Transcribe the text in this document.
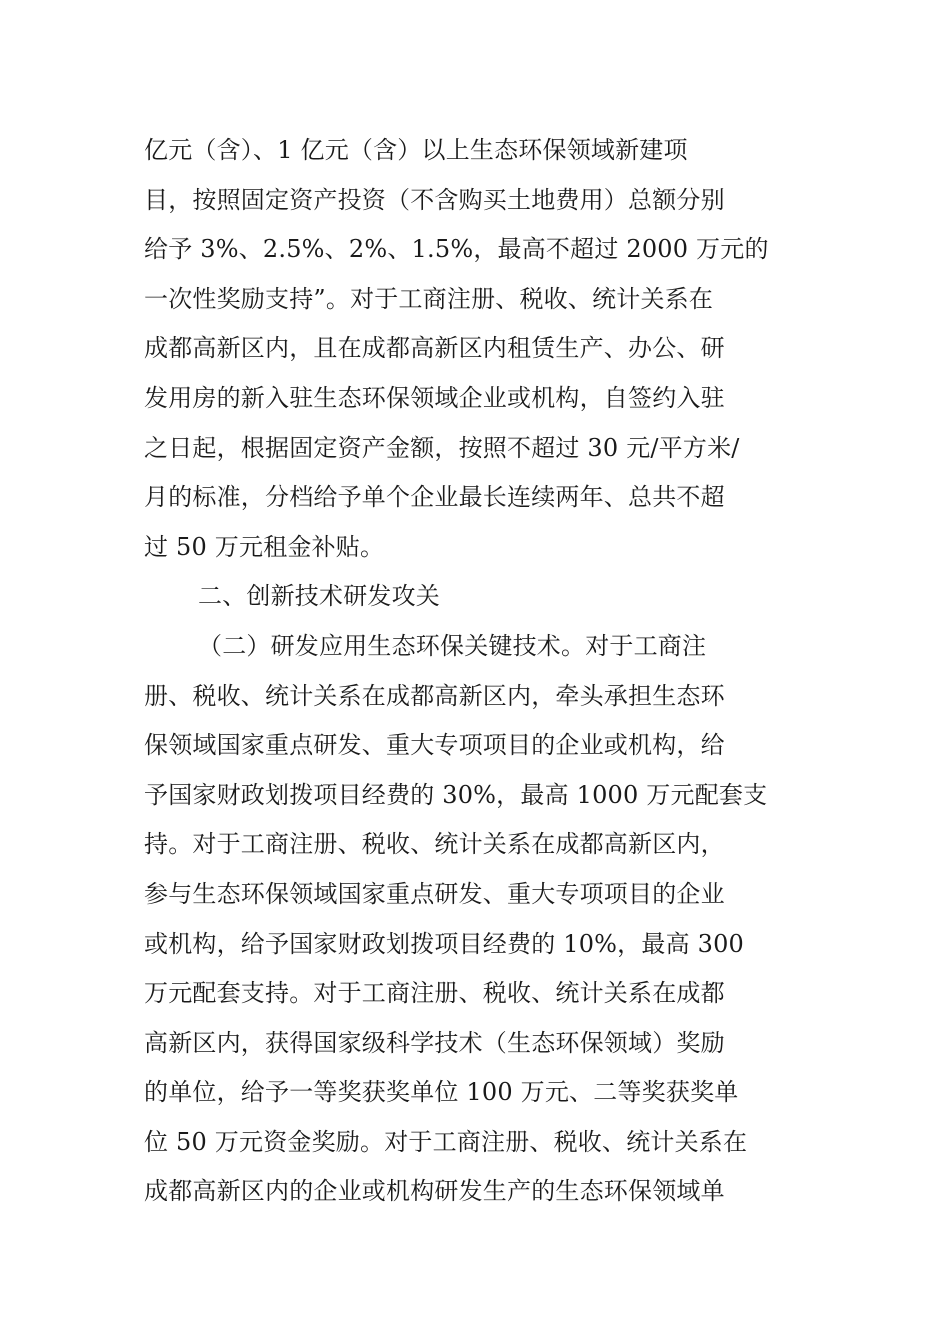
亿元（含）、1 亿元（含）以上生态环保领域新建项
目，按照固定资产投资（不含购买土地费用）总额分别
给予 3%、2.5%、2%、1.5%，最高不超过 2000 万元的
一次性奖励支持”。对于工商注册、税收、统计关系在
成都高新区内，且在成都高新区内租赁生产、办公、研
发用房的新入驻生态环保领域企业或机构，自签约入驻
之日起，根据固定资产金额，按照不超过 30 元/平方米/
月的标准，分档给予单个企业最长连续两年、总共不超
过 50 万元租金补贴。
二、创新技术研发攻关
（二）研发应用生态环保关键技术。对于工商注
册、税收、统计关系在成都高新区内，牵头承担生态环
保领域国家重点研发、重大专项项目的企业或机构，给
予国家财政划拨项目经费的 30%，最高 1000 万元配套支
持。对于工商注册、税收、统计关系在成都高新区内，
参与生态环保领域国家重点研发、重大专项项目的企业
或机构，给予国家财政划拨项目经费的 10%，最高 300
万元配套支持。对于工商注册、税收、统计关系在成都
高新区内，获得国家级科学技术（生态环保领域）奖励
的单位，给予一等奖获奖单位 100 万元、二等奖获奖单
位 50 万元资金奖励。对于工商注册、税收、统计关系在
成都高新区内的企业或机构研发生产的生态环保领域单
